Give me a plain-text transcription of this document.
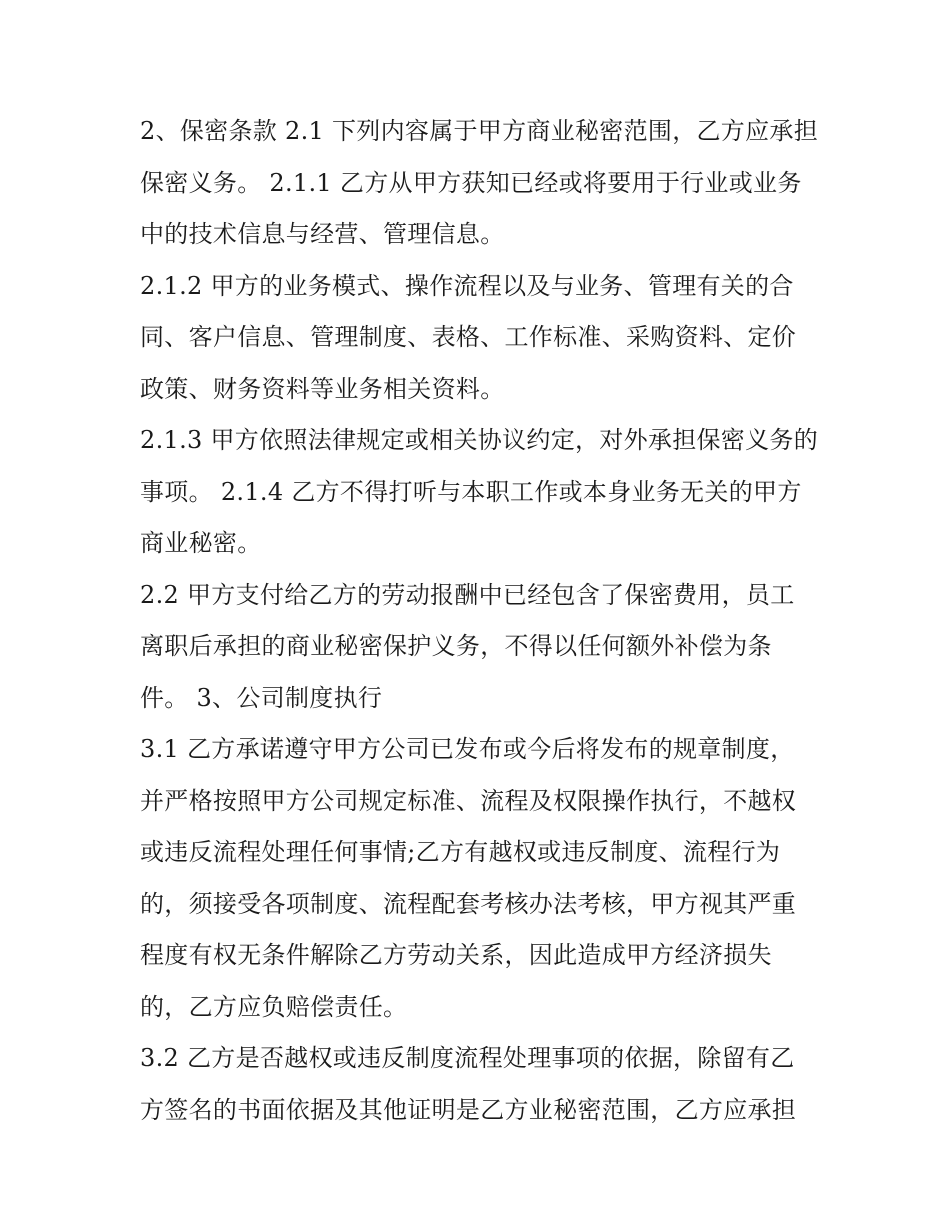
2、保密条款 2.1 下列内容属于甲方商业秘密范围，乙方应承担
保密义务。 2.1.1 乙方从甲方获知已经或将要用于行业或业务
中的技术信息与经营、管理信息。
2.1.2 甲方的业务模式、操作流程以及与业务、管理有关的合
同、客户信息、管理制度、表格、工作标准、采购资料、定价
政策、财务资料等业务相关资料。
2.1.3 甲方依照法律规定或相关协议约定，对外承担保密义务的
事项。 2.1.4 乙方不得打听与本职工作或本身业务无关的甲方
商业秘密。
2.2 甲方支付给乙方的劳动报酬中已经包含了保密费用，员工
离职后承担的商业秘密保护义务，不得以任何额外补偿为条
件。 3、公司制度执行
3.1 乙方承诺遵守甲方公司已发布或今后将发布的规章制度，
并严格按照甲方公司规定标准、流程及权限操作执行，不越权
或违反流程处理任何事情;乙方有越权或违反制度、流程行为
的，须接受各项制度、流程配套考核办法考核，甲方视其严重
程度有权无条件解除乙方劳动关系，因此造成甲方经济损失
的，乙方应负赔偿责任。
3.2 乙方是否越权或违反制度流程处理事项的依据，除留有乙
方签名的书面依据及其他证明是乙方业秘密范围，乙方应承担
